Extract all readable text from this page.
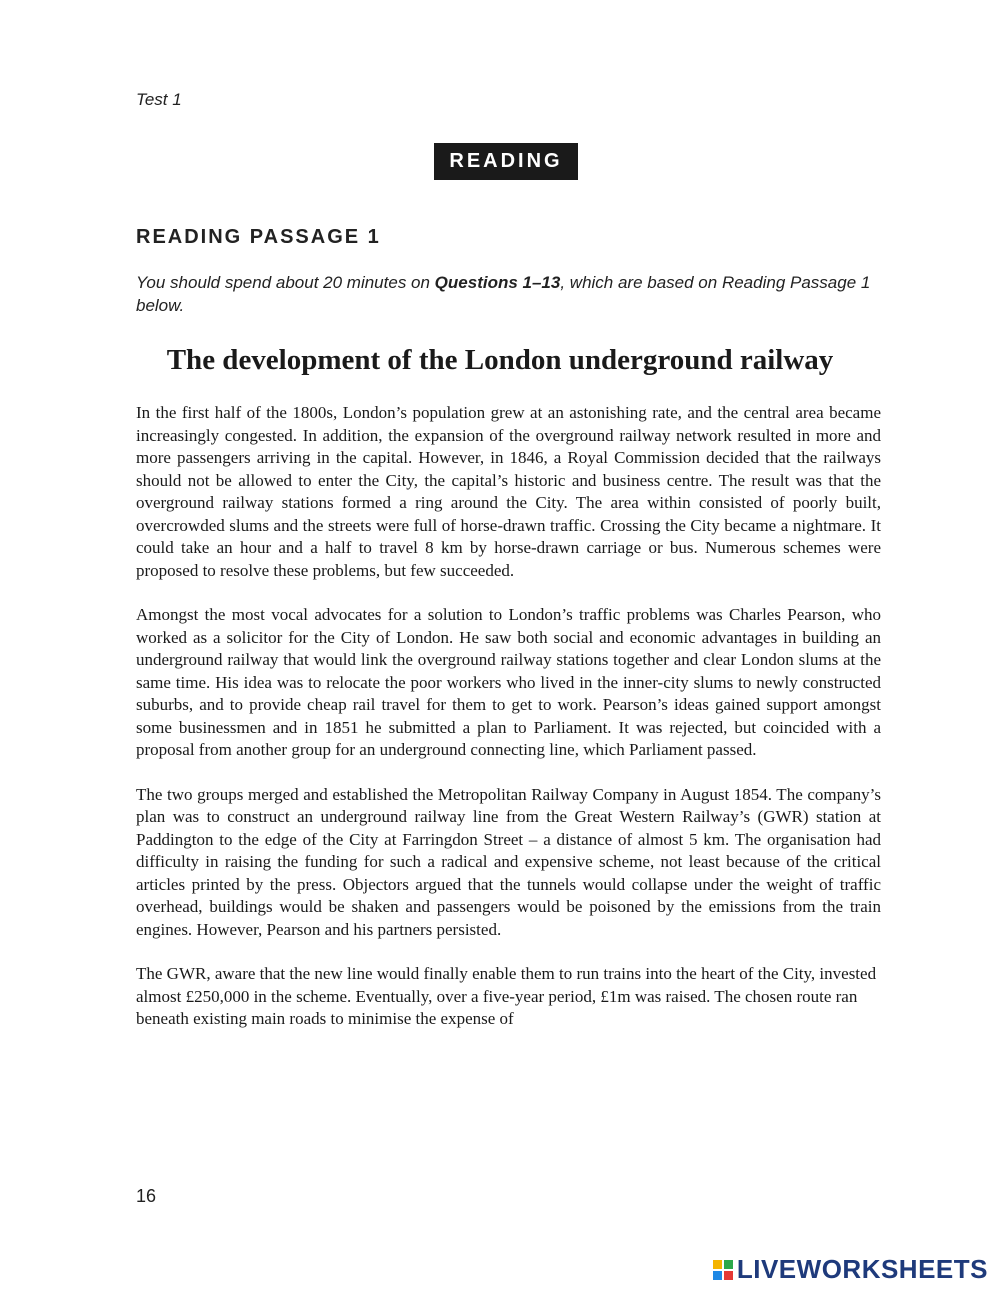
Test 1
READING
READING PASSAGE 1
You should spend about 20 minutes on Questions 1–13, which are based on Reading Passage 1 below.
The development of the London underground railway

In the first half of the 1800s, London’s population grew at an astonishing rate, and the central area became increasingly congested. In addition, the expansion of the overground railway network resulted in more and more passengers arriving in the capital. However, in 1846, a Royal Commission decided that the railways should not be allowed to enter the City, the capital’s historic and business centre. The result was that the overground railway stations formed a ring around the City. The area within consisted of poorly built, overcrowded slums and the streets were full of horse-drawn traffic. Crossing the City became a nightmare. It could take an hour and a half to travel 8 km by horse-drawn carriage or bus. Numerous schemes were proposed to resolve these problems, but few succeeded.

Amongst the most vocal advocates for a solution to London’s traffic problems was Charles Pearson, who worked as a solicitor for the City of London. He saw both social and economic advantages in building an underground railway that would link the overground railway stations together and clear London slums at the same time. His idea was to relocate the poor workers who lived in the inner-city slums to newly constructed suburbs, and to provide cheap rail travel for them to get to work. Pearson’s ideas gained support amongst some businessmen and in 1851 he submitted a plan to Parliament. It was rejected, but coincided with a proposal from another group for an underground connecting line, which Parliament passed.

The two groups merged and established the Metropolitan Railway Company in August 1854. The company’s plan was to construct an underground railway line from the Great Western Railway’s (GWR) station at Paddington to the edge of the City at Farringdon Street – a distance of almost 5 km. The organisation had difficulty in raising the funding for such a radical and expensive scheme, not least because of the critical articles printed by the press. Objectors argued that the tunnels would collapse under the weight of traffic overhead, buildings would be shaken and passengers would be poisoned by the emissions from the train engines. However, Pearson and his partners persisted.

The GWR, aware that the new line would finally enable them to run trains into the heart of the City, invested almost £250,000 in the scheme. Eventually, over a five-year period, £1m was raised. The chosen route ran beneath existing main roads to minimise the expense of

16
LIVEWORKSHEETS
